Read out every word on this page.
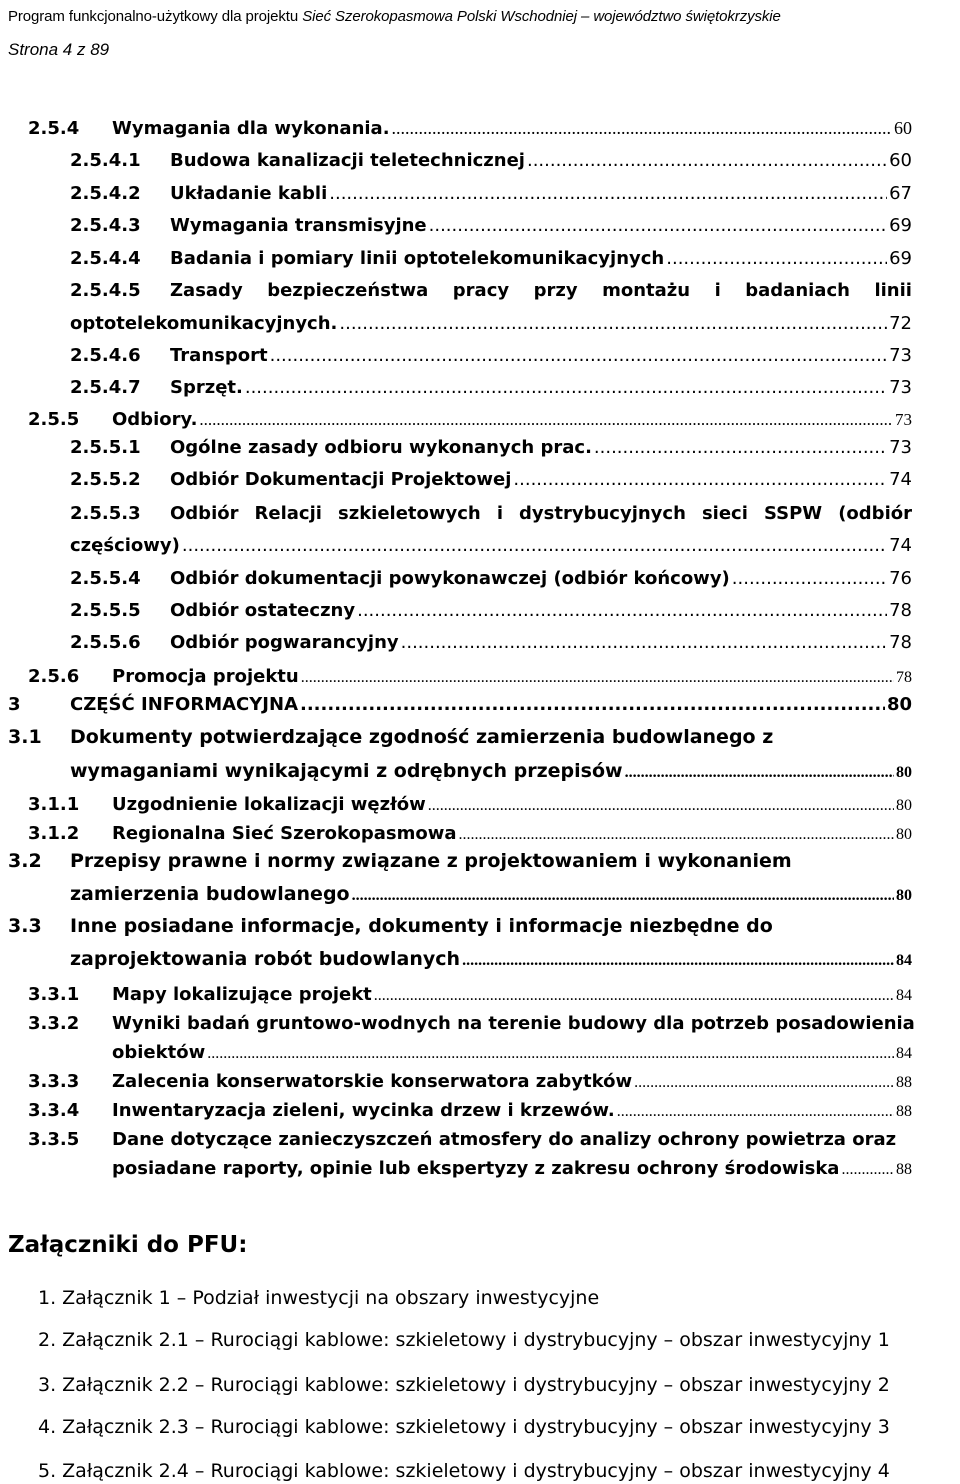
Program funkcjonalno-użytkowy dla projektu Sieć Szerokopasmowa Polski Wschodniej – województwo świętokrzyskie
Strona 4 z 89
2.5.4	Wymagania dla wykonania. .....	60
2.5.4.1	Budowa kanalizacji teletechnicznej .....	60
2.5.4.2	Układanie kabli .....	67
2.5.4.3	Wymagania transmisyjne .....	69
2.5.4.4	Badania i pomiary linii optotelekomunikacyjnych .....	69
2.5.4.5	Zasady bezpieczeństwa pracy przy montażu i badaniach linii
optotelekomunikacyjnych. .....	72
2.5.4.6	Transport .....	73
2.5.4.7	Sprzęt. .....	73
2.5.5	Odbiory. .....	73
2.5.5.1	Ogólne zasady odbioru wykonanych prac. .....	73
2.5.5.2	Odbiór Dokumentacji Projektowej .....	74
2.5.5.3	Odbiór Relacji szkieletowych i dystrybucyjnych sieci SSPW (odbiór
częściowy) .....	74
2.5.5.4	Odbiór dokumentacji powykonawczej (odbiór końcowy) .....	76
2.5.5.5	Odbiór ostateczny .....	78
2.5.5.6	Odbiór pogwarancyjny .....	78
2.5.6	Promocja projektu .....	78
3	CZĘŚĆ INFORMACYJNA .....	80
3.1	Dokumenty potwierdzające zgodność zamierzenia budowlanego z
wymaganiami wynikającymi z odrębnych przepisów .....	80
3.1.1	Uzgodnienie lokalizacji węzłów .....	80
3.1.2	Regionalna Sieć Szerokopasmowa .....	80
3.2	Przepisy prawne i normy związane z projektowaniem i wykonaniem
zamierzenia budowlanego .....	80
3.3	Inne posiadane informacje, dokumenty i informacje niezbędne do
zaprojektowania robót budowlanych .....	84
3.3.1	Mapy lokalizujące projekt .....	84
3.3.2	Wyniki badań gruntowo-wodnych na terenie budowy dla potrzeb posadowienia
obiektów .....	84
3.3.3	Zalecenia konserwatorskie konserwatora zabytków .....	88
3.3.4	Inwentaryzacja zieleni, wycinka drzew i krzewów. .....	88
3.3.5	Dane dotyczące zanieczyszczeń atmosfery do analizy ochrony powietrza oraz
posiadane raporty, opinie lub ekspertyzy z zakresu ochrony środowiska .....	88
Załączniki do PFU:
1. Załącznik 1 – Podział inwestycji na obszary inwestycyjne
2. Załącznik 2.1 – Rurociągi kablowe: szkieletowy i dystrybucyjny – obszar inwestycyjny 1
3. Załącznik 2.2 – Rurociągi kablowe: szkieletowy i dystrybucyjny – obszar inwestycyjny 2
4. Załącznik 2.3 – Rurociągi kablowe: szkieletowy i dystrybucyjny – obszar inwestycyjny 3
5. Załącznik 2.4 – Rurociągi kablowe: szkieletowy i dystrybucyjny – obszar inwestycyjny 4
